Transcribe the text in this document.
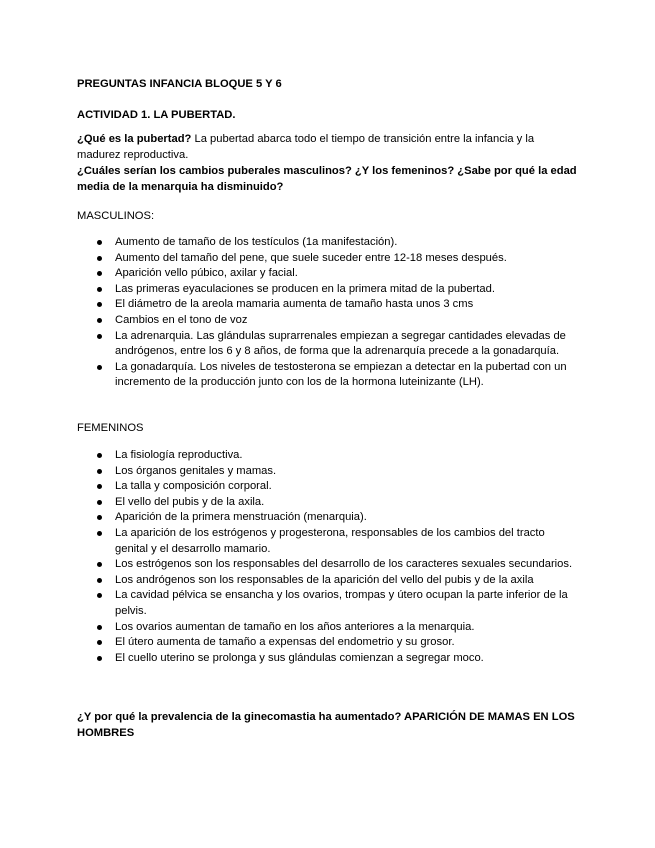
PREGUNTAS INFANCIA BLOQUE 5 Y 6
ACTIVIDAD 1. LA PUBERTAD.
¿Qué es la pubertad? La pubertad abarca todo el tiempo de transición entre la infancia y la madurez reproductiva.
¿Cuáles serían los cambios puberales masculinos? ¿Y los femeninos? ¿Sabe por qué la edad media de la menarquia ha disminuido?
MASCULINOS:
Aumento de tamaño de los testículos (1a manifestación).
Aumento del tamaño del pene, que suele suceder entre 12-18 meses después.
Aparición vello púbico, axilar y facial.
Las primeras eyaculaciones se producen en la primera mitad de la pubertad.
El diámetro de la areola mamaria aumenta de tamaño hasta unos 3 cms
Cambios en el tono de voz
La adrenarquia. Las glándulas suprarrenales empiezan a segregar cantidades elevadas de andrógenos, entre los 6 y 8 años, de forma que la adrenarquía precede a la gonadarquía.
La gonadarquía. Los niveles de testosterona se empiezan a detectar en la pubertad con un incremento de la producción junto con los de la hormona luteinizante (LH).
FEMENINOS
La fisiología reproductiva.
Los órganos genitales y mamas.
La talla y composición corporal.
El vello del pubis y de la axila.
Aparición de la primera menstruación (menarquia).
La aparición de los estrógenos y progesterona, responsables de los cambios del tracto genital y el desarrollo mamario.
Los estrógenos son los responsables del desarrollo de los caracteres sexuales secundarios.
Los andrógenos son los responsables de la aparición del vello del pubis y de la axila
La cavidad pélvica se ensancha y los ovarios, trompas y útero ocupan la parte inferior de la pelvis.
Los ovarios aumentan de tamaño en los años anteriores a la menarquia.
El útero aumenta de tamaño a expensas del endometrio y su grosor.
El cuello uterino se prolonga y sus glándulas comienzan a segregar moco.
¿Y por qué la prevalencia de la ginecomastia ha aumentado? APARICIÓN DE MAMAS EN LOS HOMBRES
